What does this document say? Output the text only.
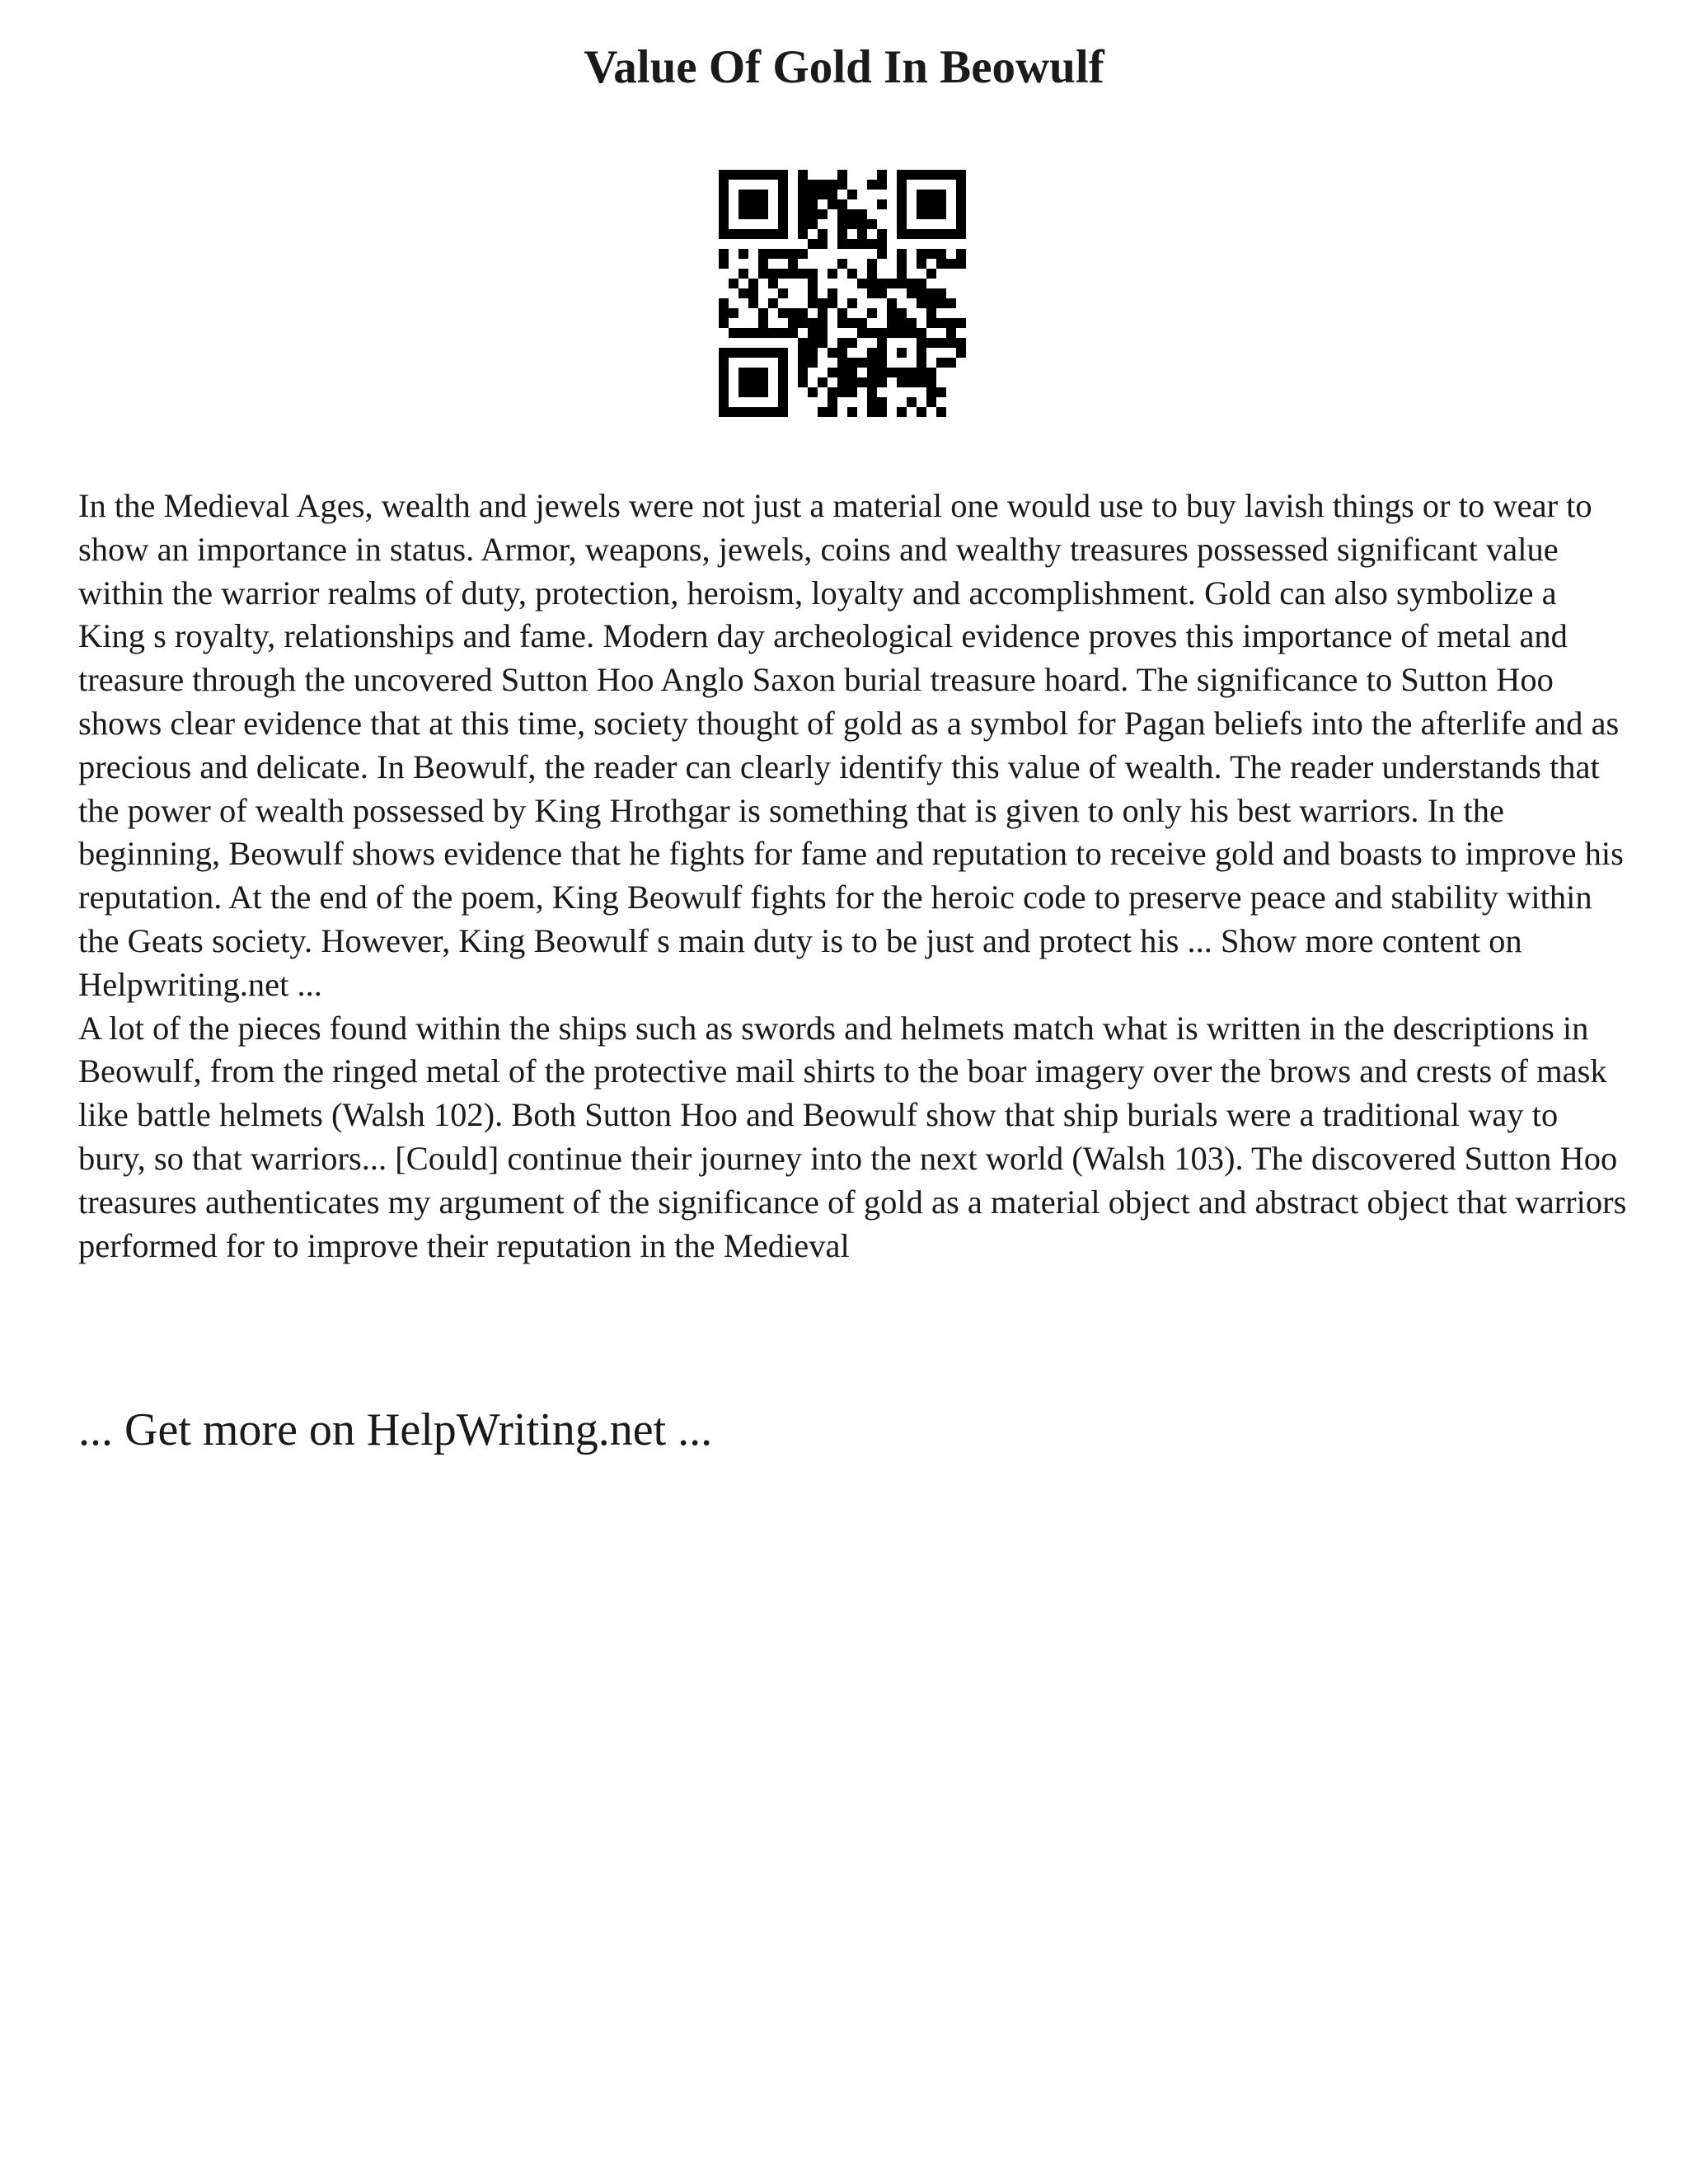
Value Of Gold In Beowulf

In the Medieval Ages, wealth and jewels were not just a material one would use to buy lavish things or to wear to show an importance in status. Armor, weapons, jewels, coins and wealthy treasures possessed significant value within the warrior realms of duty, protection, heroism, loyalty and accomplishment. Gold can also symbolize a King s royalty, relationships and fame. Modern day archeological evidence proves this importance of metal and treasure through the uncovered Sutton Hoo Anglo Saxon burial treasure hoard. The significance to Sutton Hoo shows clear evidence that at this time, society thought of gold as a symbol for Pagan beliefs into the afterlife and as precious and delicate. In Beowulf, the reader can clearly identify this value of wealth. The reader understands that the power of wealth possessed by King Hrothgar is something that is given to only his best warriors. In the beginning, Beowulf shows evidence that he fights for fame and reputation to receive gold and boasts to improve his reputation. At the end of the poem, King Beowulf fights for the heroic code to preserve peace and stability within the Geats society. However, King Beowulf s main duty is to be just and protect his ... Show more content on Helpwriting.net ...

A lot of the pieces found within the ships such as swords and helmets match what is written in the descriptions in Beowulf, from the ringed metal of the protective mail shirts to the boar imagery over the brows and crests of mask like battle helmets (Walsh 102). Both Sutton Hoo and Beowulf show that ship burials were a traditional way to bury, so that warriors... [Could] continue their journey into the next world (Walsh 103). The discovered Sutton Hoo treasures authenticates my argument of the significance of gold as a material object and abstract object that warriors performed for to improve their reputation in the Medieval

... Get more on HelpWriting.net ...
